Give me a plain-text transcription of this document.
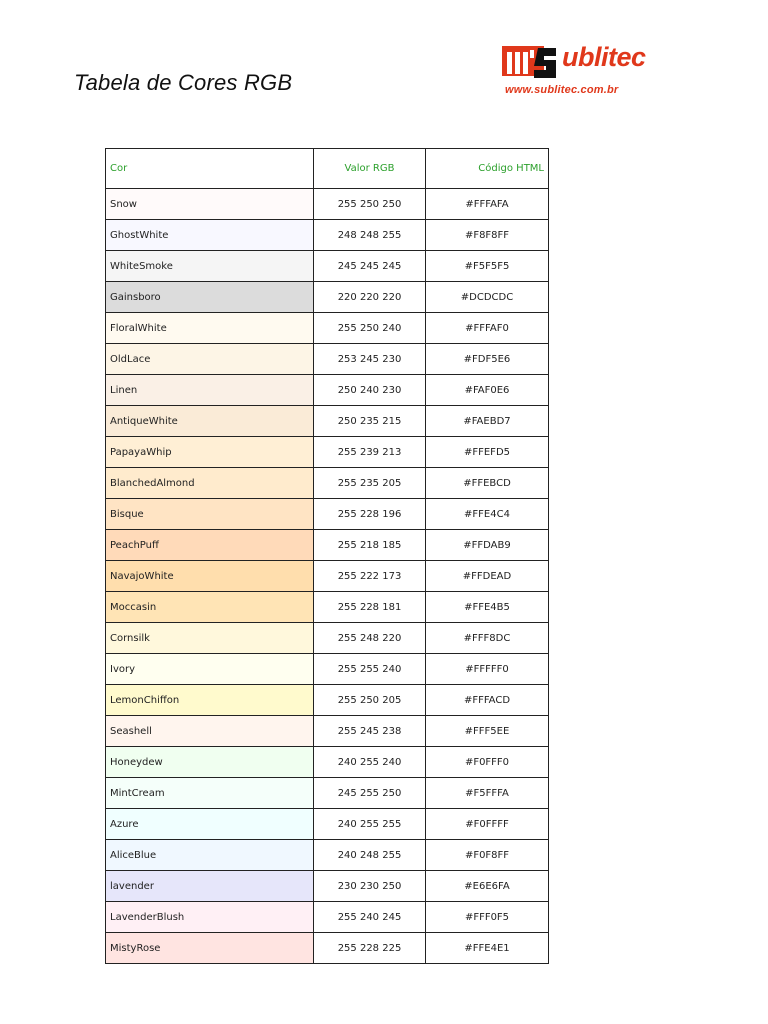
Tabela de Cores RGB
ublitec
www.sublitec.com.br
Cor	Valor RGB	Código HTML
Snow	255 250 250	#FFFAFA
GhostWhite	248 248 255	#F8F8FF
WhiteSmoke	245 245 245	#F5F5F5
Gainsboro	220 220 220	#DCDCDC
FloralWhite	255 250 240	#FFFAF0
OldLace	253 245 230	#FDF5E6
Linen	250 240 230	#FAF0E6
AntiqueWhite	250 235 215	#FAEBD7
PapayaWhip	255 239 213	#FFEFD5
BlanchedAlmond	255 235 205	#FFEBCD
Bisque	255 228 196	#FFE4C4
PeachPuff	255 218 185	#FFDAB9
NavajoWhite	255 222 173	#FFDEAD
Moccasin	255 228 181	#FFE4B5
Cornsilk	255 248 220	#FFF8DC
Ivory	255 255 240	#FFFFF0
LemonChiffon	255 250 205	#FFFACD
Seashell	255 245 238	#FFF5EE
Honeydew	240 255 240	#F0FFF0
MintCream	245 255 250	#F5FFFA
Azure	240 255 255	#F0FFFF
AliceBlue	240 248 255	#F0F8FF
lavender	230 230 250	#E6E6FA
LavenderBlush	255 240 245	#FFF0F5
MistyRose	255 228 225	#FFE4E1
